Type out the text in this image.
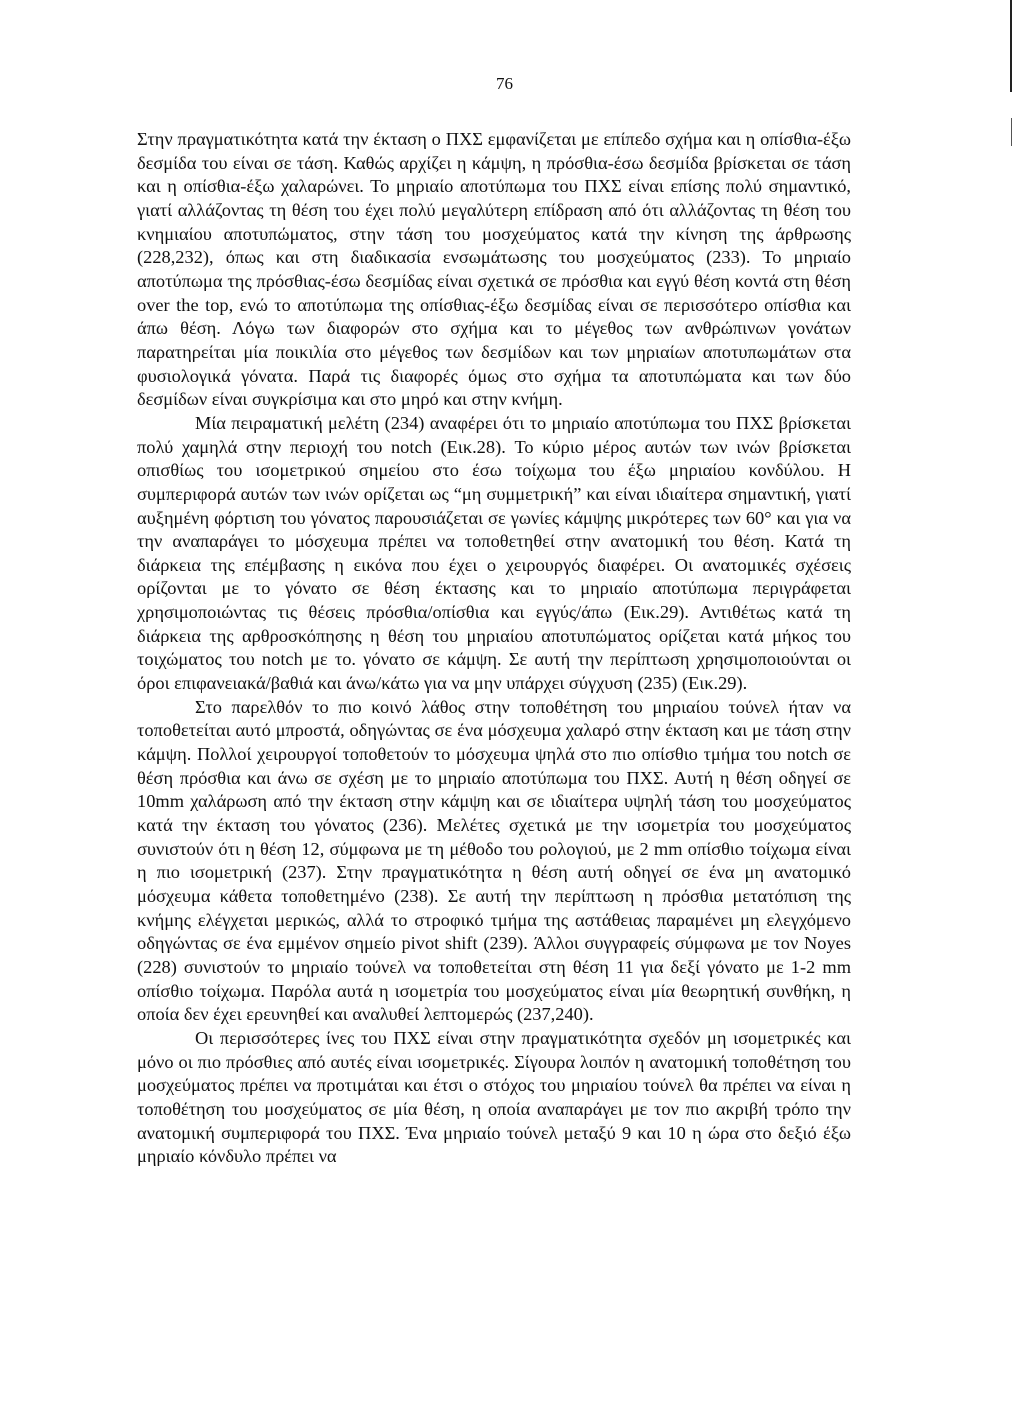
76

Στην πραγματικότητα κατά την έκταση ο ΠΧΣ εμφανίζεται με επίπεδο σχήμα και η οπίσθια-έξω δεσμίδα του είναι σε τάση. Καθώς αρχίζει η κάμψη, η πρόσθια-έσω δεσμίδα βρίσκεται σε τάση και η οπίσθια-έξω χαλαρώνει. Το μηριαίο αποτύπωμα του ΠΧΣ είναι επίσης πολύ σημαντικό, γιατί αλλάζοντας τη θέση του έχει πολύ μεγαλύτερη επίδραση από ότι αλλάζοντας τη θέση του κνημιαίου αποτυπώματος, στην τάση του μοσχεύματος κατά την κίνηση της άρθρωσης (228,232), όπως και στη διαδικασία ενσωμάτωσης του μοσχεύματος (233). Το μηριαίο αποτύπωμα της πρόσθιας-έσω δεσμίδας είναι σχετικά σε πρόσθια και εγγύ θέση κοντά στη θέση over the top, ενώ το αποτύπωμα της οπίσθιας-έξω δεσμίδας είναι σε περισσότερο οπίσθια και άπω θέση. Λόγω των διαφορών στο σχήμα και το μέγεθος των ανθρώπινων γονάτων παρατηρείται μία ποικιλία στο μέγεθος των δεσμίδων και των μηριαίων αποτυπωμάτων στα φυσιολογικά γόνατα. Παρά τις διαφορές όμως στο σχήμα τα αποτυπώματα και των δύο δεσμίδων είναι συγκρίσιμα και στο μηρό και στην κνήμη.

Μία πειραματική μελέτη (234) αναφέρει ότι το μηριαίο αποτύπωμα του ΠΧΣ βρίσκεται πολύ χαμηλά στην περιοχή του notch (Εικ.28). Το κύριο μέρος αυτών των ινών βρίσκεται οπισθίως του ισομετρικού σημείου στο έσω τοίχωμα του έξω μηριαίου κονδύλου. Η συμπεριφορά αυτών των ινών ορίζεται ως “μη συμμετρική” και είναι ιδιαίτερα σημαντική, γιατί αυξημένη φόρτιση του γόνατος παρουσιάζεται σε γωνίες κάμψης μικρότερες των 60° και για να την αναπαράγει το μόσχευμα πρέπει να τοποθετηθεί στην ανατομική του θέση. Κατά τη διάρκεια της επέμβασης η εικόνα που έχει ο χειρουργός διαφέρει. Οι ανατομικές σχέσεις ορίζονται με το γόνατο σε θέση έκτασης και το μηριαίο αποτύπωμα περιγράφεται χρησιμοποιώντας τις θέσεις πρόσθια/οπίσθια και εγγύς/άπω (Εικ.29). Αντιθέτως κατά τη διάρκεια της αρθροσκόπησης η θέση του μηριαίου αποτυπώματος ορίζεται κατά μήκος του τοιχώματος του notch με το. γόνατο σε κάμψη. Σε αυτή την περίπτωση χρησιμοποιούνται οι όροι επιφανειακά/βαθιά και άνω/κάτω για να μην υπάρχει σύγχυση (235) (Εικ.29).

Στο παρελθόν το πιο κοινό λάθος στην τοποθέτηση του μηριαίου τούνελ ήταν να τοποθετείται αυτό μπροστά, οδηγώντας σε ένα μόσχευμα χαλαρό στην έκταση και με τάση στην κάμψη. Πολλοί χειρουργοί τοποθετούν το μόσχευμα ψηλά στο πιο οπίσθιο τμήμα του notch σε θέση πρόσθια και άνω σε σχέση με το μηριαίο αποτύπωμα του ΠΧΣ. Αυτή η θέση οδηγεί σε 10mm χαλάρωση από την έκταση στην κάμψη και σε ιδιαίτερα υψηλή τάση του μοσχεύματος κατά την έκταση του γόνατος (236). Μελέτες σχετικά με την ισομετρία του μοσχεύματος συνιστούν ότι η θέση 12, σύμφωνα με τη μέθοδο του ρολογιού, με 2 mm οπίσθιο τοίχωμα είναι η πιο ισομετρική (237). Στην πραγματικότητα η θέση αυτή οδηγεί σε ένα μη ανατομικό μόσχευμα κάθετα τοποθετημένο (238). Σε αυτή την περίπτωση η πρόσθια μετατόπιση της κνήμης ελέγχεται μερικώς, αλλά το στροφικό τμήμα της αστάθειας παραμένει μη ελεγχόμενο οδηγώντας σε ένα εμμένον σημείο pivot shift (239). Άλλοι συγγραφείς σύμφωνα με τον Noyes (228) συνιστούν το μηριαίο τούνελ να τοποθετείται στη θέση 11 για δεξί γόνατο με 1-2 mm οπίσθιο τοίχωμα. Παρόλα αυτά η ισομετρία του μοσχεύματος είναι μία θεωρητική συνθήκη, η οποία δεν έχει ερευνηθεί και αναλυθεί λεπτομερώς (237,240).

Οι περισσότερες ίνες του ΠΧΣ είναι στην πραγματικότητα σχεδόν μη ισομετρικές και μόνο οι πιο πρόσθιες από αυτές είναι ισομετρικές. Σίγουρα λοιπόν η ανατομική τοποθέτηση του μοσχεύματος πρέπει να προτιμάται και έτσι ο στόχος του μηριαίου τούνελ θα πρέπει να είναι η τοποθέτηση του μοσχεύματος σε μία θέση, η οποία αναπαράγει με τον πιο ακριβή τρόπο την ανατομική συμπεριφορά του ΠΧΣ. Ένα μηριαίο τούνελ μεταξύ 9 και 10 η ώρα στο δεξιό έξω μηριαίο κόνδυλο πρέπει να
